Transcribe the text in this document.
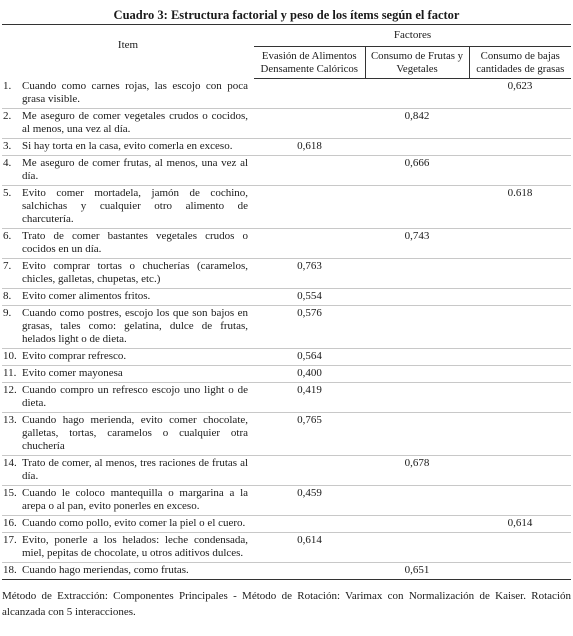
Cuadro 3: Estructura factorial y peso de los ítems según el factor
Item		Factores		
		Evasión de Alimentos Densamente Calóricos	Consumo de Frutas y Vegetales	Consumo de bajas cantidades de grasas
1.	Cuando como carnes rojas, las escojo con poca grasa visible.			0,623
2.	Me aseguro de comer vegetales crudos o cocidos, al menos, una vez al día.		0,842	
3.	Si hay torta en la casa, evito comerla en exceso.	0,618		
4.	Me aseguro de comer frutas, al menos, una vez al día.		0,666	
5.	Evito comer mortadela, jamón de cochino, salchichas y cualquier otro alimento de charcutería.			0.618
6.	Trato de comer bastantes vegetales crudos o cocidos en un día.		0,743	
7.	Evito comprar tortas o chucherías (caramelos, chicles, galletas, chupetas, etc.)	0,763		
8.	Evito comer alimentos fritos.	0,554		
9.	Cuando como postres, escojo los que son bajos en grasas, tales como: gelatina, dulce de frutas, helados light o de dieta.	0,576		
10.	Evito comprar refresco.	0,564		
11.	Evito comer mayonesa	0,400		
12.	Cuando compro un refresco escojo uno light o de dieta.	0,419		
13.	Cuando hago merienda, evito comer chocolate, galletas, tortas, caramelos o cualquier otra chuchería	0,765		
14.	Trato de comer, al menos, tres raciones de frutas al día.		0,678	
15.	Cuando le coloco mantequilla o margarina a la arepa o al pan, evito ponerles en exceso.	0,459		
16.	Cuando como pollo, evito comer la piel o el cuero.			0,614
17.	Evito, ponerle a los helados: leche condensada, miel, pepitas de chocolate, u otros aditivos dulces.	0,614		
18.	Cuando hago meriendas, como frutas.		0,651	
Método de Extracción: Componentes Principales - Método de Rotación: Varimax con Normalización de Kaiser. Rotación alcanzada con 5 interacciones.
